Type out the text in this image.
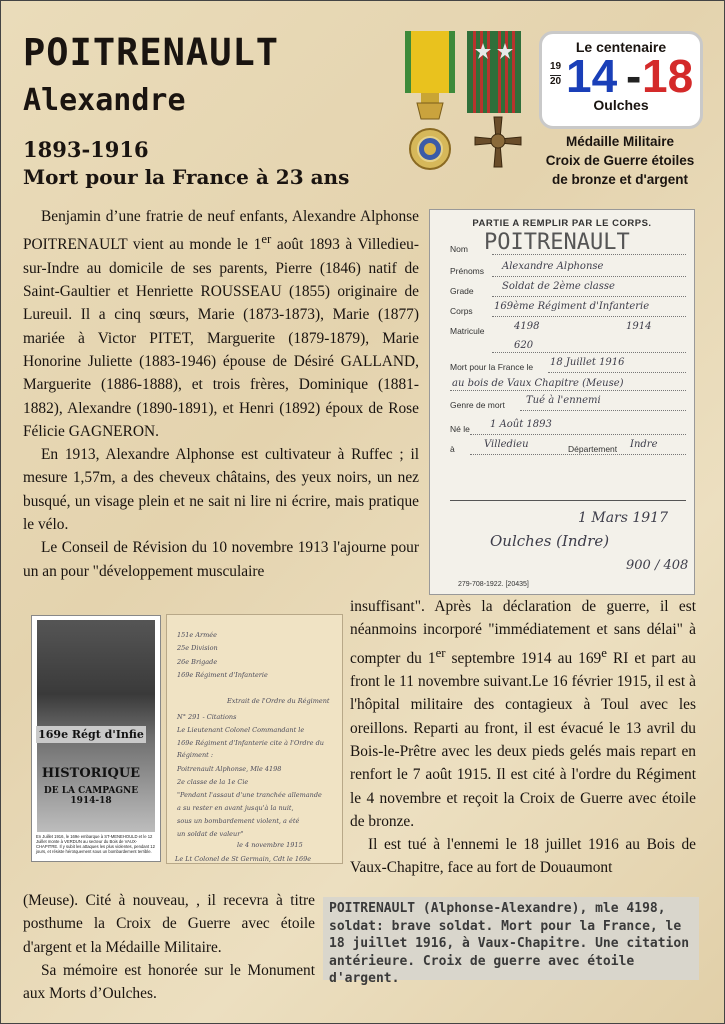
POITRENAULT
Alexandre
1893-1916
Mort pour la France à 23 ans
Le centenaire
19
20 14 - 18
Oulches
Médaille Militaire
Croix de Guerre étoiles
de bronze et d'argent

Benjamin d’une fratrie de neuf enfants, Alexandre Alphonse POITRENAULT vient au monde le 1er août 1893 à Villedieu-sur-Indre au domicile de ses parents, Pierre (1846) natif de Saint-Gaultier et Henriette ROUSSEAU (1855) originaire de Lureuil. Il a cinq sœurs, Marie (1873-1873), Marie (1877) mariée à Victor PITET, Marguerite (1879-1879), Marie Honorine Juliette (1883-1946) épouse de Désiré GALLAND, Marguerite (1886-1888), et trois frères, Dominique (1881-1882), Alexandre (1890-1891), et Henri (1892) époux de Rose Félicie GAGNERON.

En 1913, Alexandre Alphonse est cultivateur à Ruffec ; il mesure 1,57m, a des cheveux châtains, des yeux noirs, un nez busqué, un visage plein et ne sait ni lire ni écrire, mais pratique le vélo.

Le Conseil de Révision du 10 novembre 1913 l'ajourne pour un an pour "développement musculaire

PARTIE A REMPLIR PAR LE CORPS.
Nom POITRENAULT
Prénoms Alexandre Alphonse
Grade	Soldat de 2ème classe
Corps 169ème Régiment d'Infanterie
Matricule	4198	1914
620
Mort pour la France le 18 Juillet 1916
au bois de Vaux Chapitre (Meuse)
Genre de mort Tué à l'ennemi
Né le 1 Août 1893
à	Villedieu	Département Indre
1 Mars 1917
Oulches (Indre)
900 / 408
279-708-1922. [20435]

insuffisant". Après la déclaration de guerre, il est néanmoins incorporé "immédiatement et sans délai" à compter du 1er septembre 1914 au 169e RI et part au front le 11 novembre suivant.Le 16 février 1915, il est à l'hôpital militaire des contagieux à Toul avec les oreillons. Reparti au front, il est évacué le 13 avril du Bois-le-Prêtre avec les deux pieds gelés mais repart en renfort le 7 août 1915. Il est cité à l'ordre du Régiment le 4 novembre et reçoit la Croix de Guerre avec étoile de bronze.

Il est tué à l'ennemi le 18 juillet 1916 au Bois de Vaux-Chapitre, face au fort de Douaumont

169e Régt d'Infie
HISTORIQUE
DE LA CAMPAGNE 1914-18
En Juillet 1916, le 169e embarque à ST-MENEHOULD et le 12 Juillet monte à VERDUN au secteur du Bois de VAUX-CHAPITRE. Il y subit les attaques les plus violentes, pendant 12 jours, et résiste héroïquement sous un bombardement terrible.
151e Armée
25e Division
26e Brigade
169e Régiment d'Infanterie
Extrait de l'Ordre du Régiment
N° 291 - Citations
Le Lieutenant Colonel Commandant le
169e Régiment d'Infanterie cite à l'Ordre du
Régiment :
Poitrenault Alphonse, Mle 4198
2e classe de la 1e Cie
"Pendant l'assaut d'une tranchée allemande
a su rester en avant jusqu'à la nuit,
sous un bombardement violent, a été
un soldat de valeur"
le 4 novembre 1915
Le Lt Colonel de St Germain, Cdt le 169e

(Meuse). Cité à nouveau, , il recevra à titre posthume la Croix de Guerre avec étoile d'argent et la Médaille Militaire.

Sa mémoire est honorée sur le Monument aux Morts d’Oulches.

POITRENAULT (Alphonse-Alexandre), mle 4198, soldat: brave soldat. Mort pour la France, le 18 juillet 1916, à Vaux-Chapitre. Une citation antérieure. Croix de guerre avec étoile d'argent.
